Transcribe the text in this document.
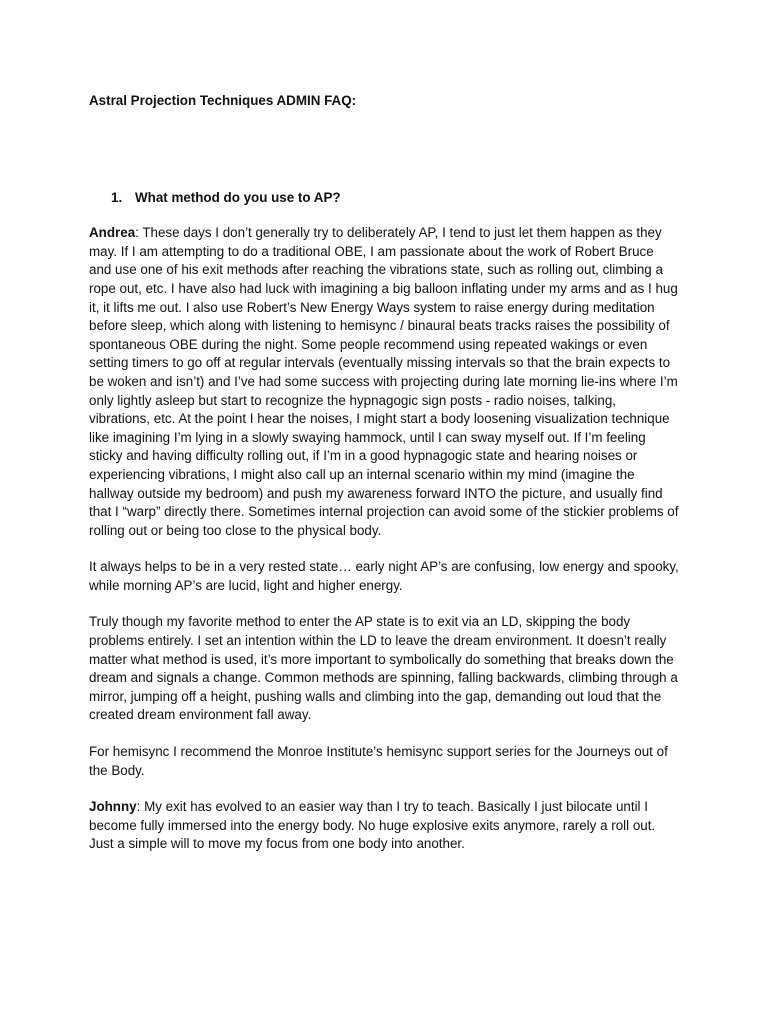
Astral Projection Techniques ADMIN FAQ:

1. What method do you use to AP?

Andrea: These days I don’t generally try to deliberately AP, I tend to just let them happen as they may. If I am attempting to do a traditional OBE, I am passionate about the work of Robert Bruce and use one of his exit methods after reaching the vibrations state, such as rolling out, climbing a rope out, etc. I have also had luck with imagining a big balloon inflating under my arms and as I hug it, it lifts me out. I also use Robert’s New Energy Ways system to raise energy during meditation before sleep, which along with listening to hemisync / binaural beats tracks raises the possibility of spontaneous OBE during the night. Some people recommend using repeated wakings or even setting timers to go off at regular intervals (eventually missing intervals so that the brain expects to be woken and isn’t) and I’ve had some success with projecting during late morning lie-ins where I’m only lightly asleep but start to recognize the hypnagogic sign posts - radio noises, talking, vibrations, etc. At the point I hear the noises, I might start a body loosening visualization technique like imagining I’m lying in a slowly swaying hammock, until I can sway myself out. If I’m feeling sticky and having difficulty rolling out, if I’m in a good hypnagogic state and hearing noises or experiencing vibrations, I might also call up an internal scenario within my mind (imagine the hallway outside my bedroom) and push my awareness forward INTO the picture, and usually find that I “warp” directly there. Sometimes internal projection can avoid some of the stickier problems of rolling out or being too close to the physical body.

It always helps to be in a very rested state… early night AP’s are confusing, low energy and spooky, while morning AP’s are lucid, light and higher energy.

Truly though my favorite method to enter the AP state is to exit via an LD, skipping the body problems entirely. I set an intention within the LD to leave the dream environment. It doesn’t really matter what method is used, it’s more important to symbolically do something that breaks down the dream and signals a change. Common methods are spinning, falling backwards, climbing through a mirror, jumping off a height, pushing walls and climbing into the gap, demanding out loud that the created dream environment fall away.

For hemisync I recommend the Monroe Institute’s hemisync support series for the Journeys out of the Body.

Johnny: My exit has evolved to an easier way than I try to teach. Basically I just bilocate until I become fully immersed into the energy body. No huge explosive exits anymore, rarely a roll out. Just a simple will to move my focus from one body into another.
